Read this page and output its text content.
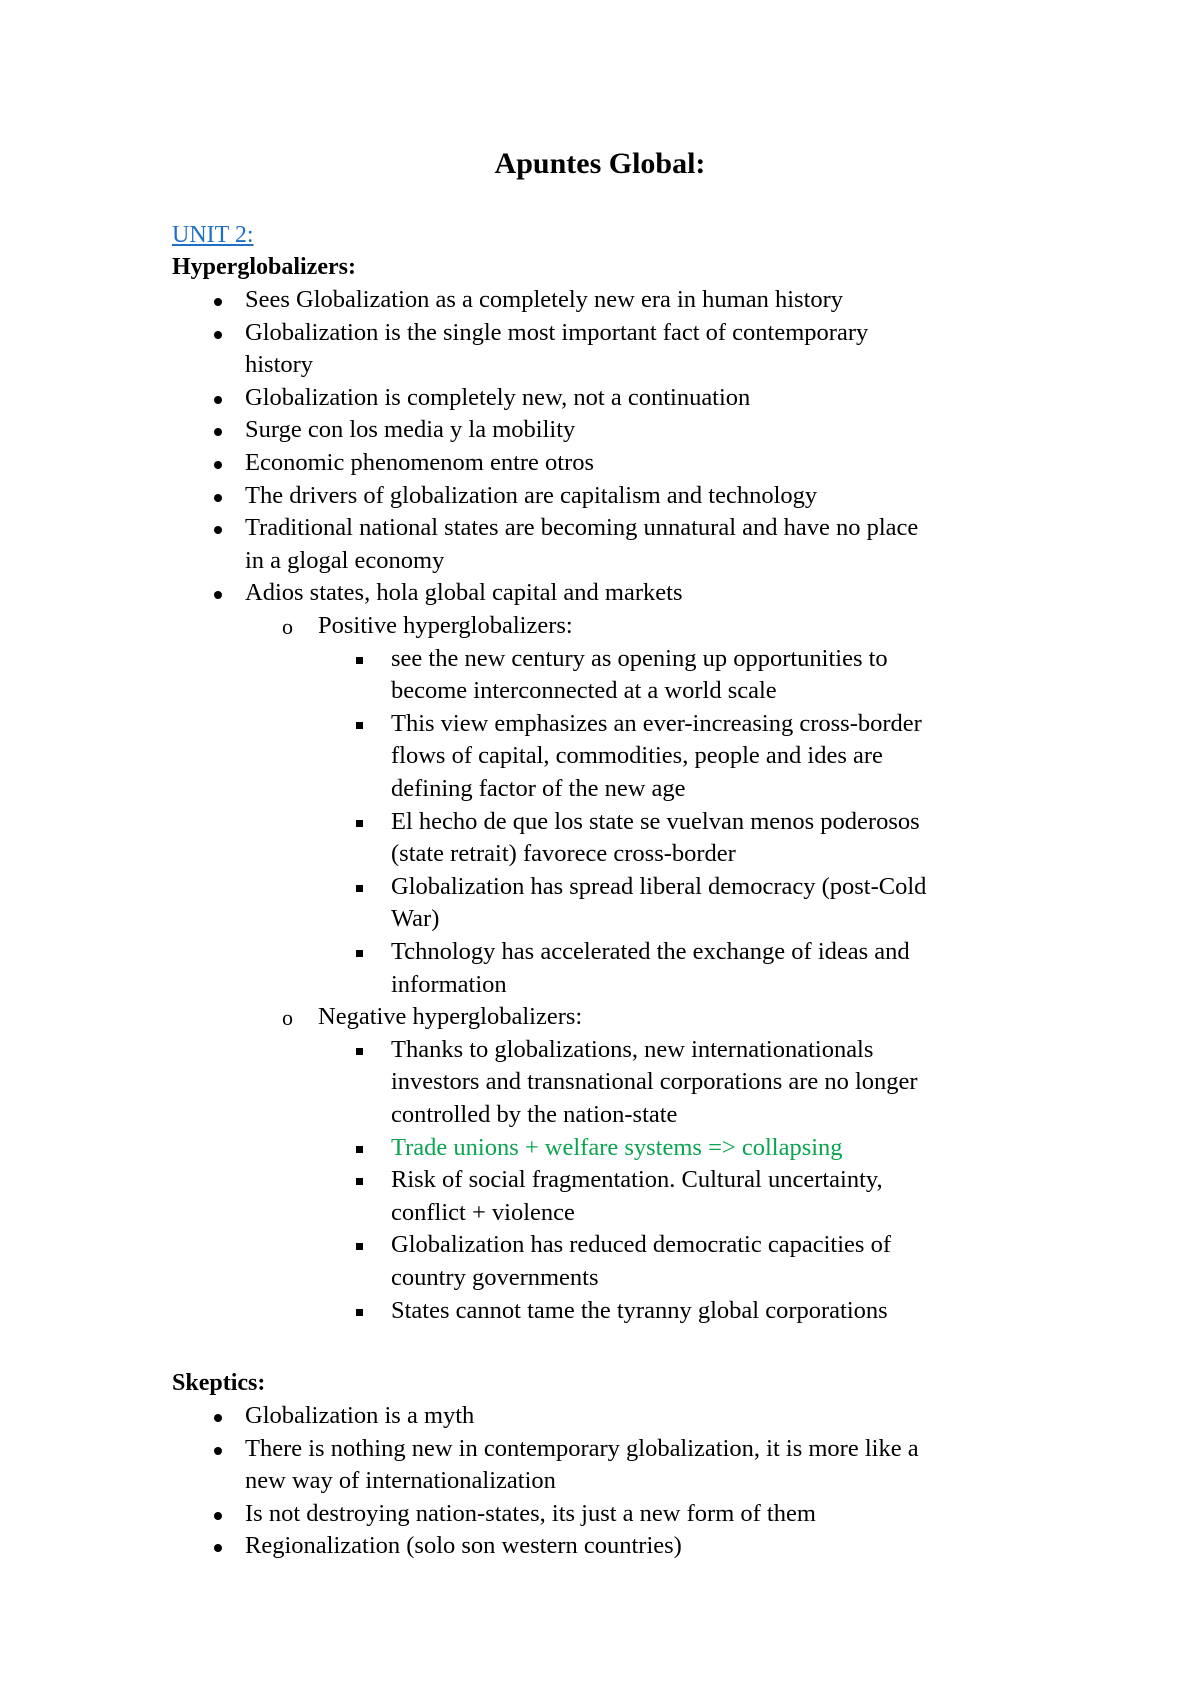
Apuntes Global:
UNIT 2:
Hyperglobalizers:
Skeptics:
Sees Globalization as a completely new era in human history
Globalization is the single most important fact of contemporary
history
Globalization is completely new, not a continuation
Surge con los media y la mobility
Economic phenomenom entre otros
The drivers of globalization are capitalism and technology
Traditional national states are becoming unnatural and have no place
in a glogal economy
Adios states, hola global capital and markets
o Positive hyperglobalizers:
see the new century as opening up opportunities to
become interconnected at a world scale
This view emphasizes an ever-increasing cross-border
flows of capital, commodities, people and ides are
defining factor of the new age
El hecho de que los state se vuelvan menos poderosos
(state retrait) favorece cross-border
Globalization has spread liberal democracy (post-Cold
War)
Tchnology has accelerated the exchange of ideas and
information
o Negative hyperglobalizers:
Thanks to globalizations, new internationationals
investors and transnational corporations are no longer
controlled by the nation-state
Trade unions + welfare systems => collapsing
Risk of social fragmentation. Cultural uncertainty,
conflict + violence
Globalization has reduced democratic capacities of
country governments
States cannot tame the tyranny global corporations
Globalization is a myth
There is nothing new in contemporary globalization, it is more like a
new way of internationalization
Is not destroying nation-states, its just a new form of them
Regionalization (solo son western countries)
